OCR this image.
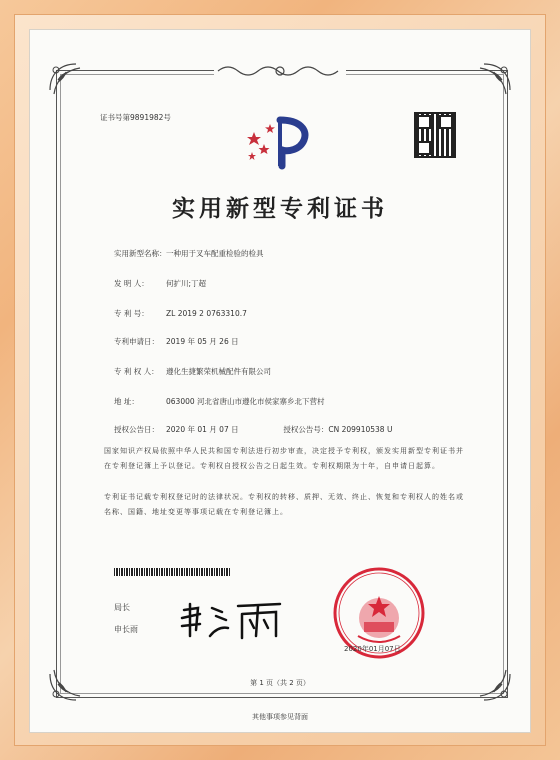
证书号第9891982号
实用新型专利证书
实用新型名称：一种用于叉车配重检验的检具
发 明 人： 何扩川;丁超
专 利 号： ZL 2019 2 0763310.7
专利申请日： 2019 年 05 月 26 日
专 利 权 人： 遵化生捷繁荣机械配件有限公司
地 址：	063000 河北省唐山市遵化市侯家寨乡北下营村
授权公告日： 2020 年 01 月 07 日	授权公告号：CN 209910538 U
国家知识产权局依照中华人民共和国专利法进行初步审查，决定授予专利权，颁发实用新型专利证书并在专利登记簿上予以登记。专利权自授权公告之日起生效。专利权期限为十年，自申请日起算。
专利证书记载专利权登记时的法律状况。专利权的转移、质押、无效、终止、恢复和专利权人的姓名或名称、国籍、地址变更等事项记载在专利登记簿上。
局长
申长雨
2020年01月07日
第 1 页（共 2 页）
其他事项参见背面
